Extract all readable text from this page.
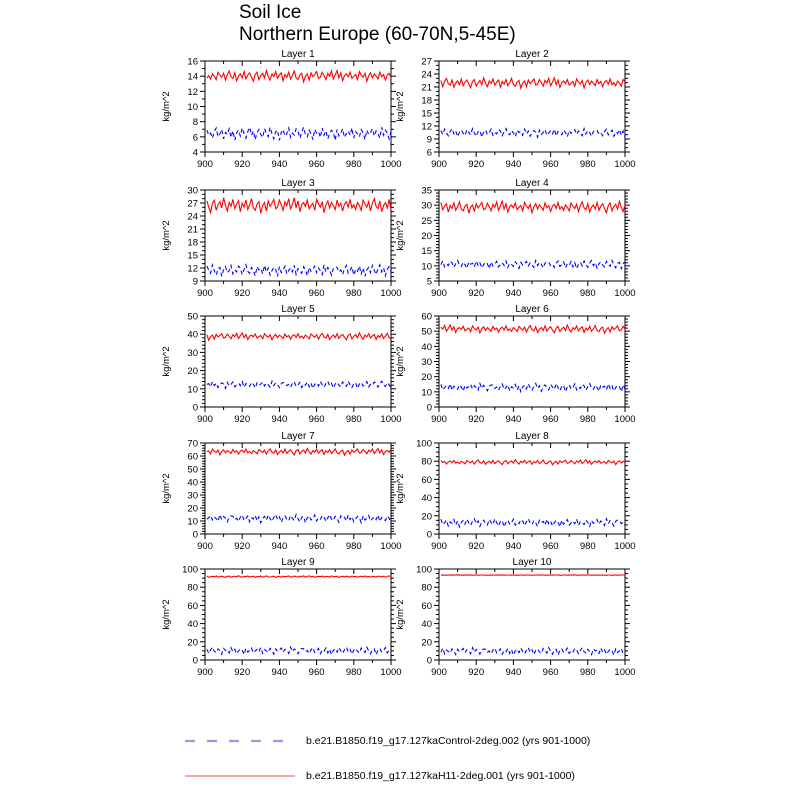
Soil Ice
Northern Europe (60-70N,5-45E)
900 920 940 960 980 1000
4
6
8
10
12
14
16
Layer 1
kg/m^2
900 920 940 960 980 1000
6
9
12
15
18
21
24
27
Layer 2
kg/m^2
900 920 940 960 980 1000
9
12
15
18
21
24
27
30
Layer 3
kg/m^2
900 920 940 960 980 1000
5
10
15
20
25
30
35
Layer 4
kg/m^2
900 920 940 960 980 1000
0
10
20
30
40
50
Layer 5
kg/m^2
900 920 940 960 980 1000
0
10
20
30
40
50
60
Layer 6
kg/m^2
900 920 940 960 980 1000
0
10
20
30
40
50
60
70
Layer 7
kg/m^2
900 920 940 960 980 1000
0
20
40
60
80
100
Layer 8
kg/m^2
900 920 940 960 980 1000
0
20
40
60
80
100
Layer 9
kg/m^2
900 920 940 960 980 1000
0
20
40
60
80
100
Layer 10
kg/m^2
b.e21.B1850.f19_g17.127kaControl-2deg.002 (yrs 901-1000)
b.e21.B1850.f19_g17.127kaH11-2deg.001 (yrs 901-1000)
